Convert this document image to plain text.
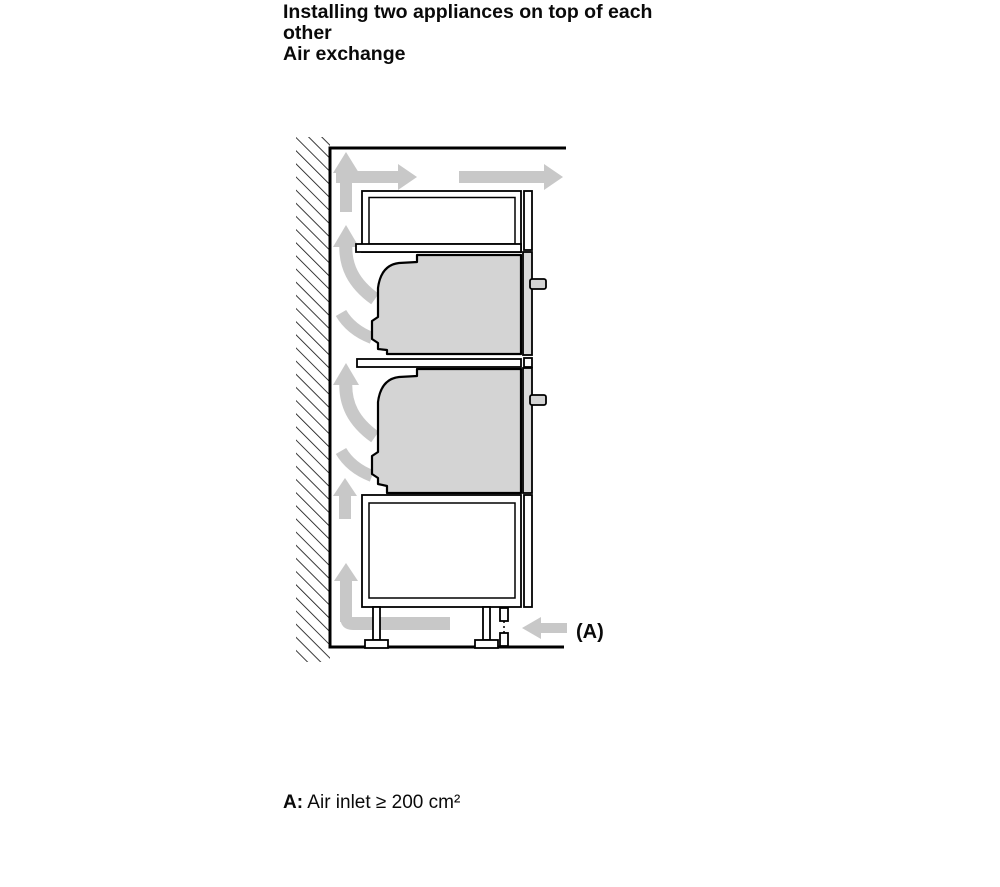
Installing two appliances on top of each other
Air exchange
(A)
A: Air inlet ≥ 200 cm²
